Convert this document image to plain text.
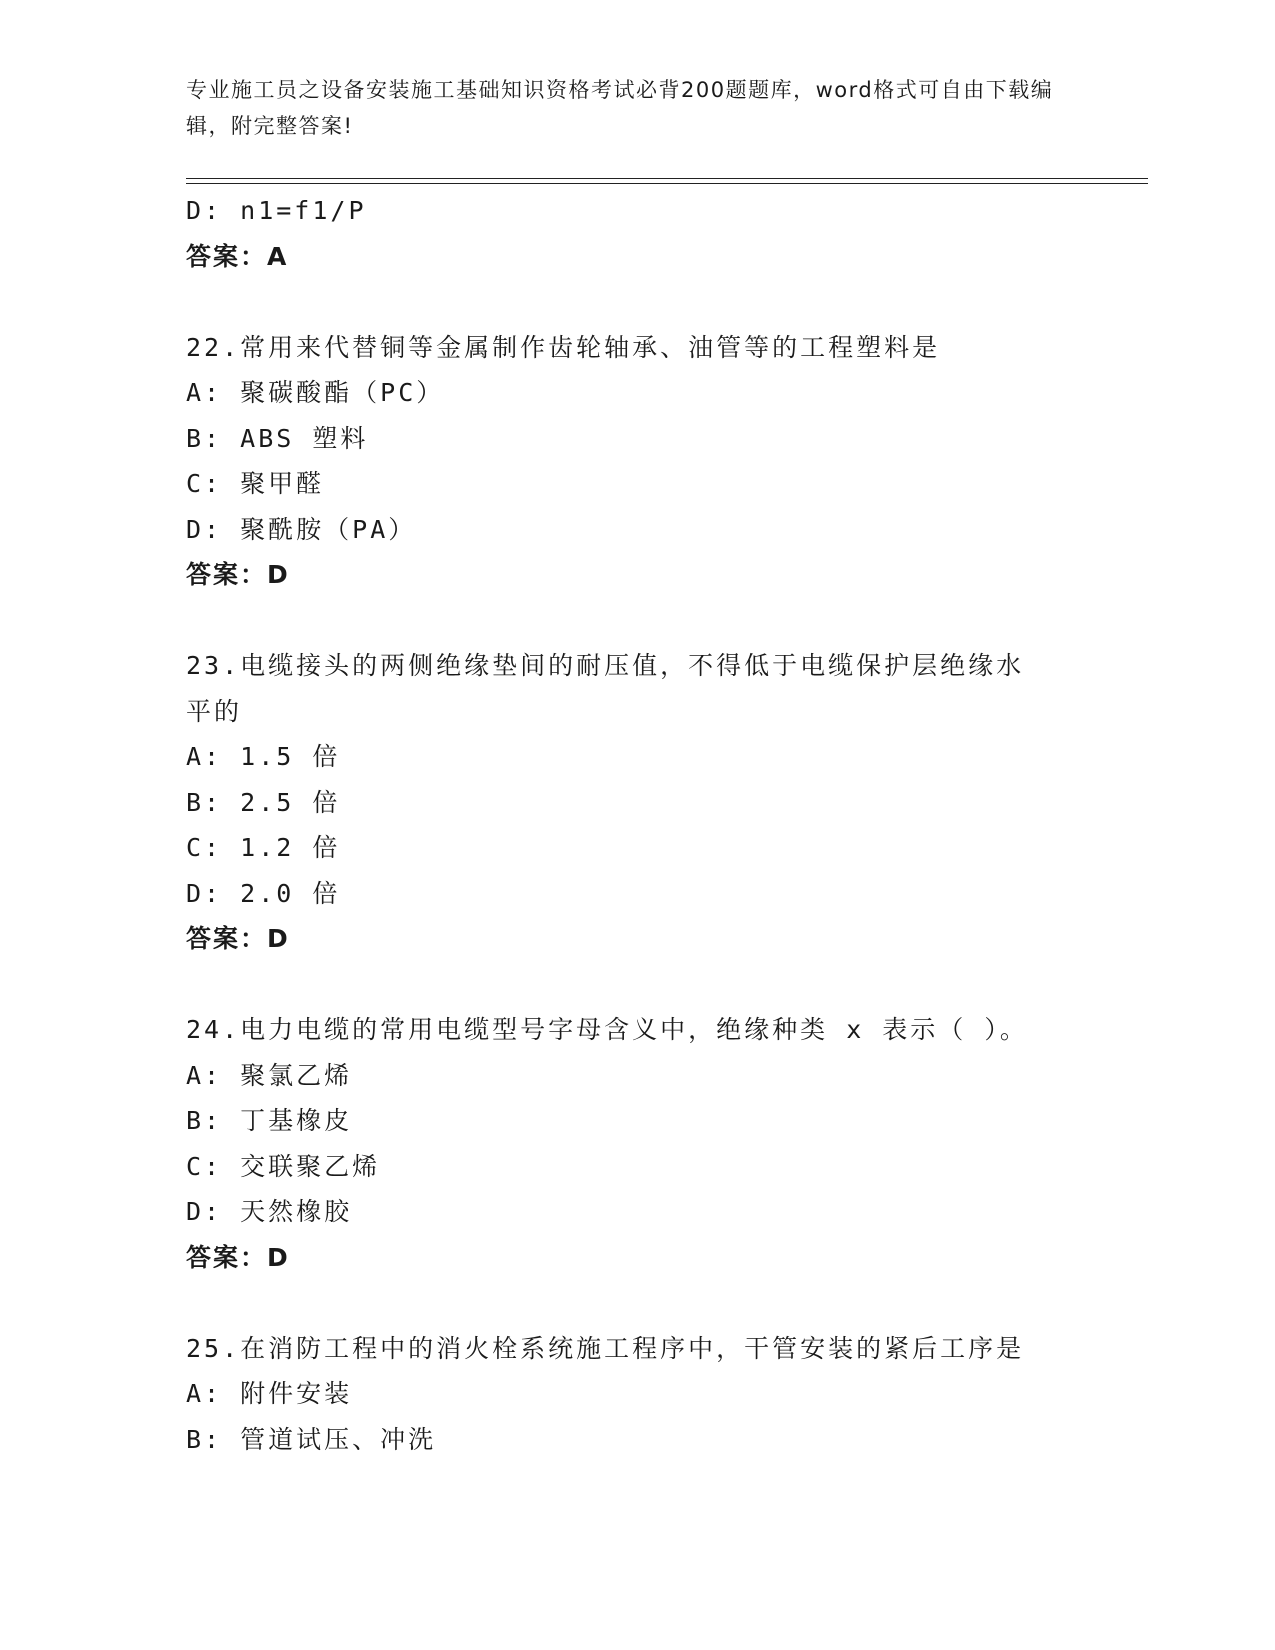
专业施工员之设备安装施工基础知识资格考试必背200题题库，word格式可自由下载编辑，附完整答案!
D: n1=f1/P
答案：A
22.常用来代替铜等金属制作齿轮轴承、油管等的工程塑料是
A: 聚碳酸酯（PC）
B: ABS 塑料
C: 聚甲醛
D: 聚酰胺（PA）
答案：D
23.电缆接头的两侧绝缘垫间的耐压值，不得低于电缆保护层绝缘水平的
A: 1.5 倍
B: 2.5 倍
C: 1.2 倍
D: 2.0 倍
答案：D
24.电力电缆的常用电缆型号字母含义中，绝缘种类 x 表示（ ）。
A: 聚氯乙烯
B: 丁基橡皮
C: 交联聚乙烯
D: 天然橡胶
答案：D
25.在消防工程中的消火栓系统施工程序中，干管安装的紧后工序是
A: 附件安装
B: 管道试压、冲洗
